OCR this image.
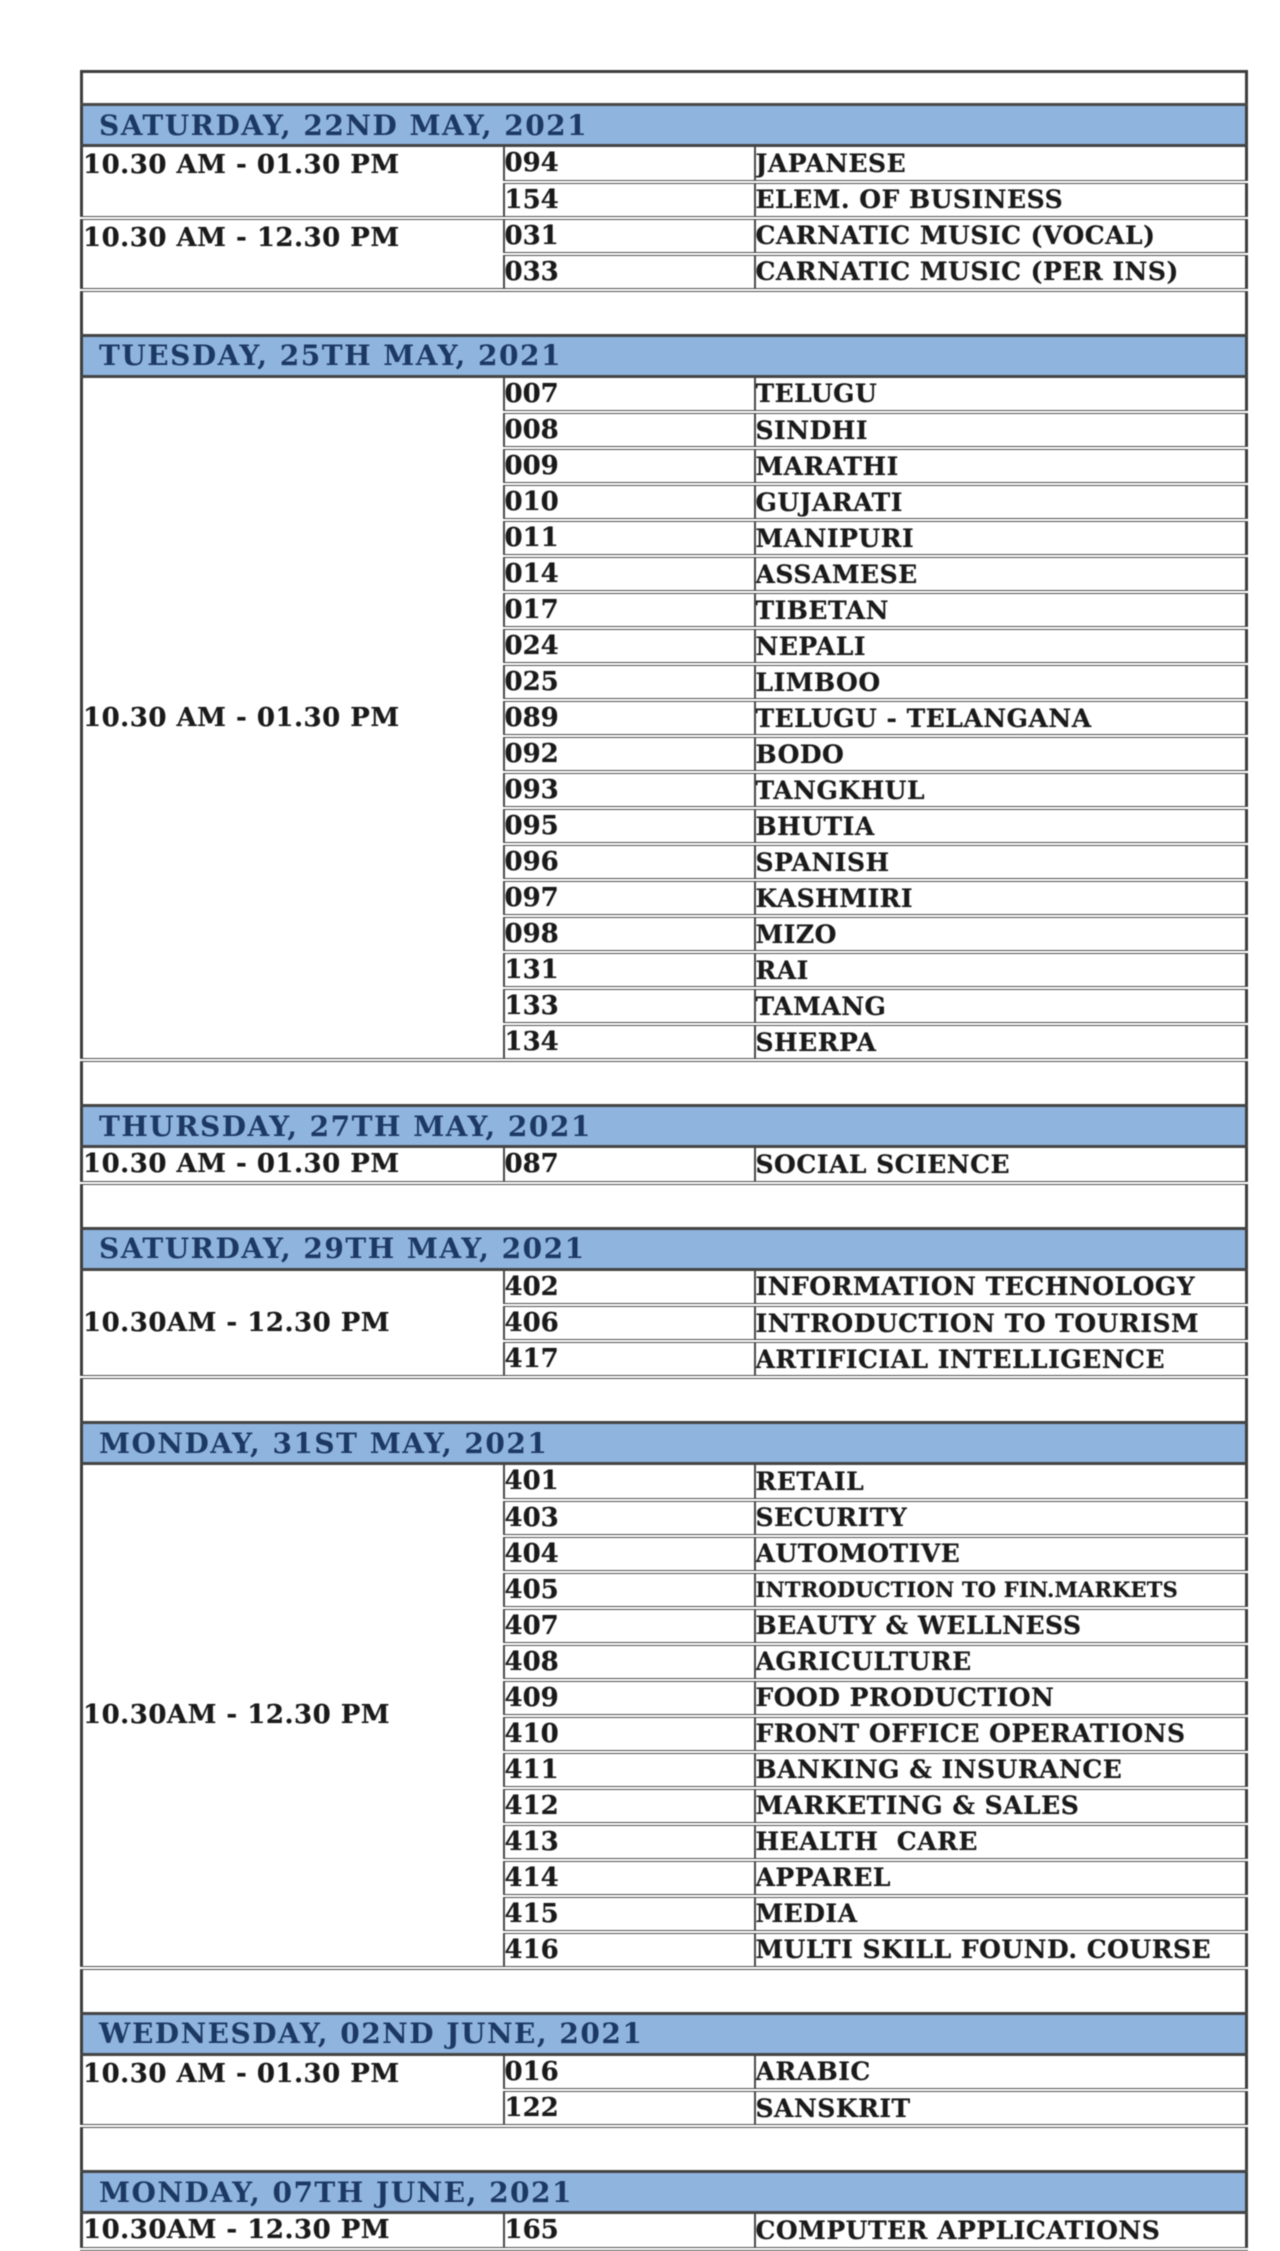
SATURDAY, 22ND MAY, 2021		
10.30 AM - 01.30 PM	094	JAPANESE
	154	ELEM. OF BUSINESS
10.30 AM - 12.30 PM	031	CARNATIC MUSIC (VOCAL)
	033	CARNATIC MUSIC (PER INS)

TUESDAY, 25TH MAY, 2021		
10.30 AM - 01.30 PM	007	TELUGU
	008	SINDHI
	009	MARATHI
	010	GUJARATI
	011	MANIPURI
	014	ASSAMESE
	017	TIBETAN
	024	NEPALI
	025	LIMBOO
	089	TELUGU - TELANGANA
	092	BODO
	093	TANGKHUL
	095	BHUTIA
	096	SPANISH
	097	KASHMIRI
	098	MIZO
	131	RAI
	133	TAMANG
	134	SHERPA

THURSDAY, 27TH MAY, 2021		
10.30 AM - 01.30 PM	087	SOCIAL SCIENCE

SATURDAY, 29TH MAY, 2021		
10.30AM - 12.30 PM	402	INFORMATION TECHNOLOGY
	406	INTRODUCTION TO TOURISM
	417	ARTIFICIAL INTELLIGENCE

MONDAY, 31ST MAY, 2021		
10.30AM - 12.30 PM	401	RETAIL
	403	SECURITY
	404	AUTOMOTIVE
	405	INTRODUCTION TO FIN.MARKETS
	407	BEAUTY & WELLNESS
	408	AGRICULTURE
	409	FOOD PRODUCTION
	410	FRONT OFFICE OPERATIONS
	411	BANKING & INSURANCE
	412	MARKETING & SALES
	413	HEALTH  CARE
	414	APPAREL
	415	MEDIA
	416	MULTI SKILL FOUND. COURSE

WEDNESDAY, 02ND JUNE, 2021		
10.30 AM - 01.30 PM	016	ARABIC
	122	SANSKRIT

MONDAY, 07TH JUNE, 2021		
10.30AM - 12.30 PM	165	COMPUTER APPLICATIONS
